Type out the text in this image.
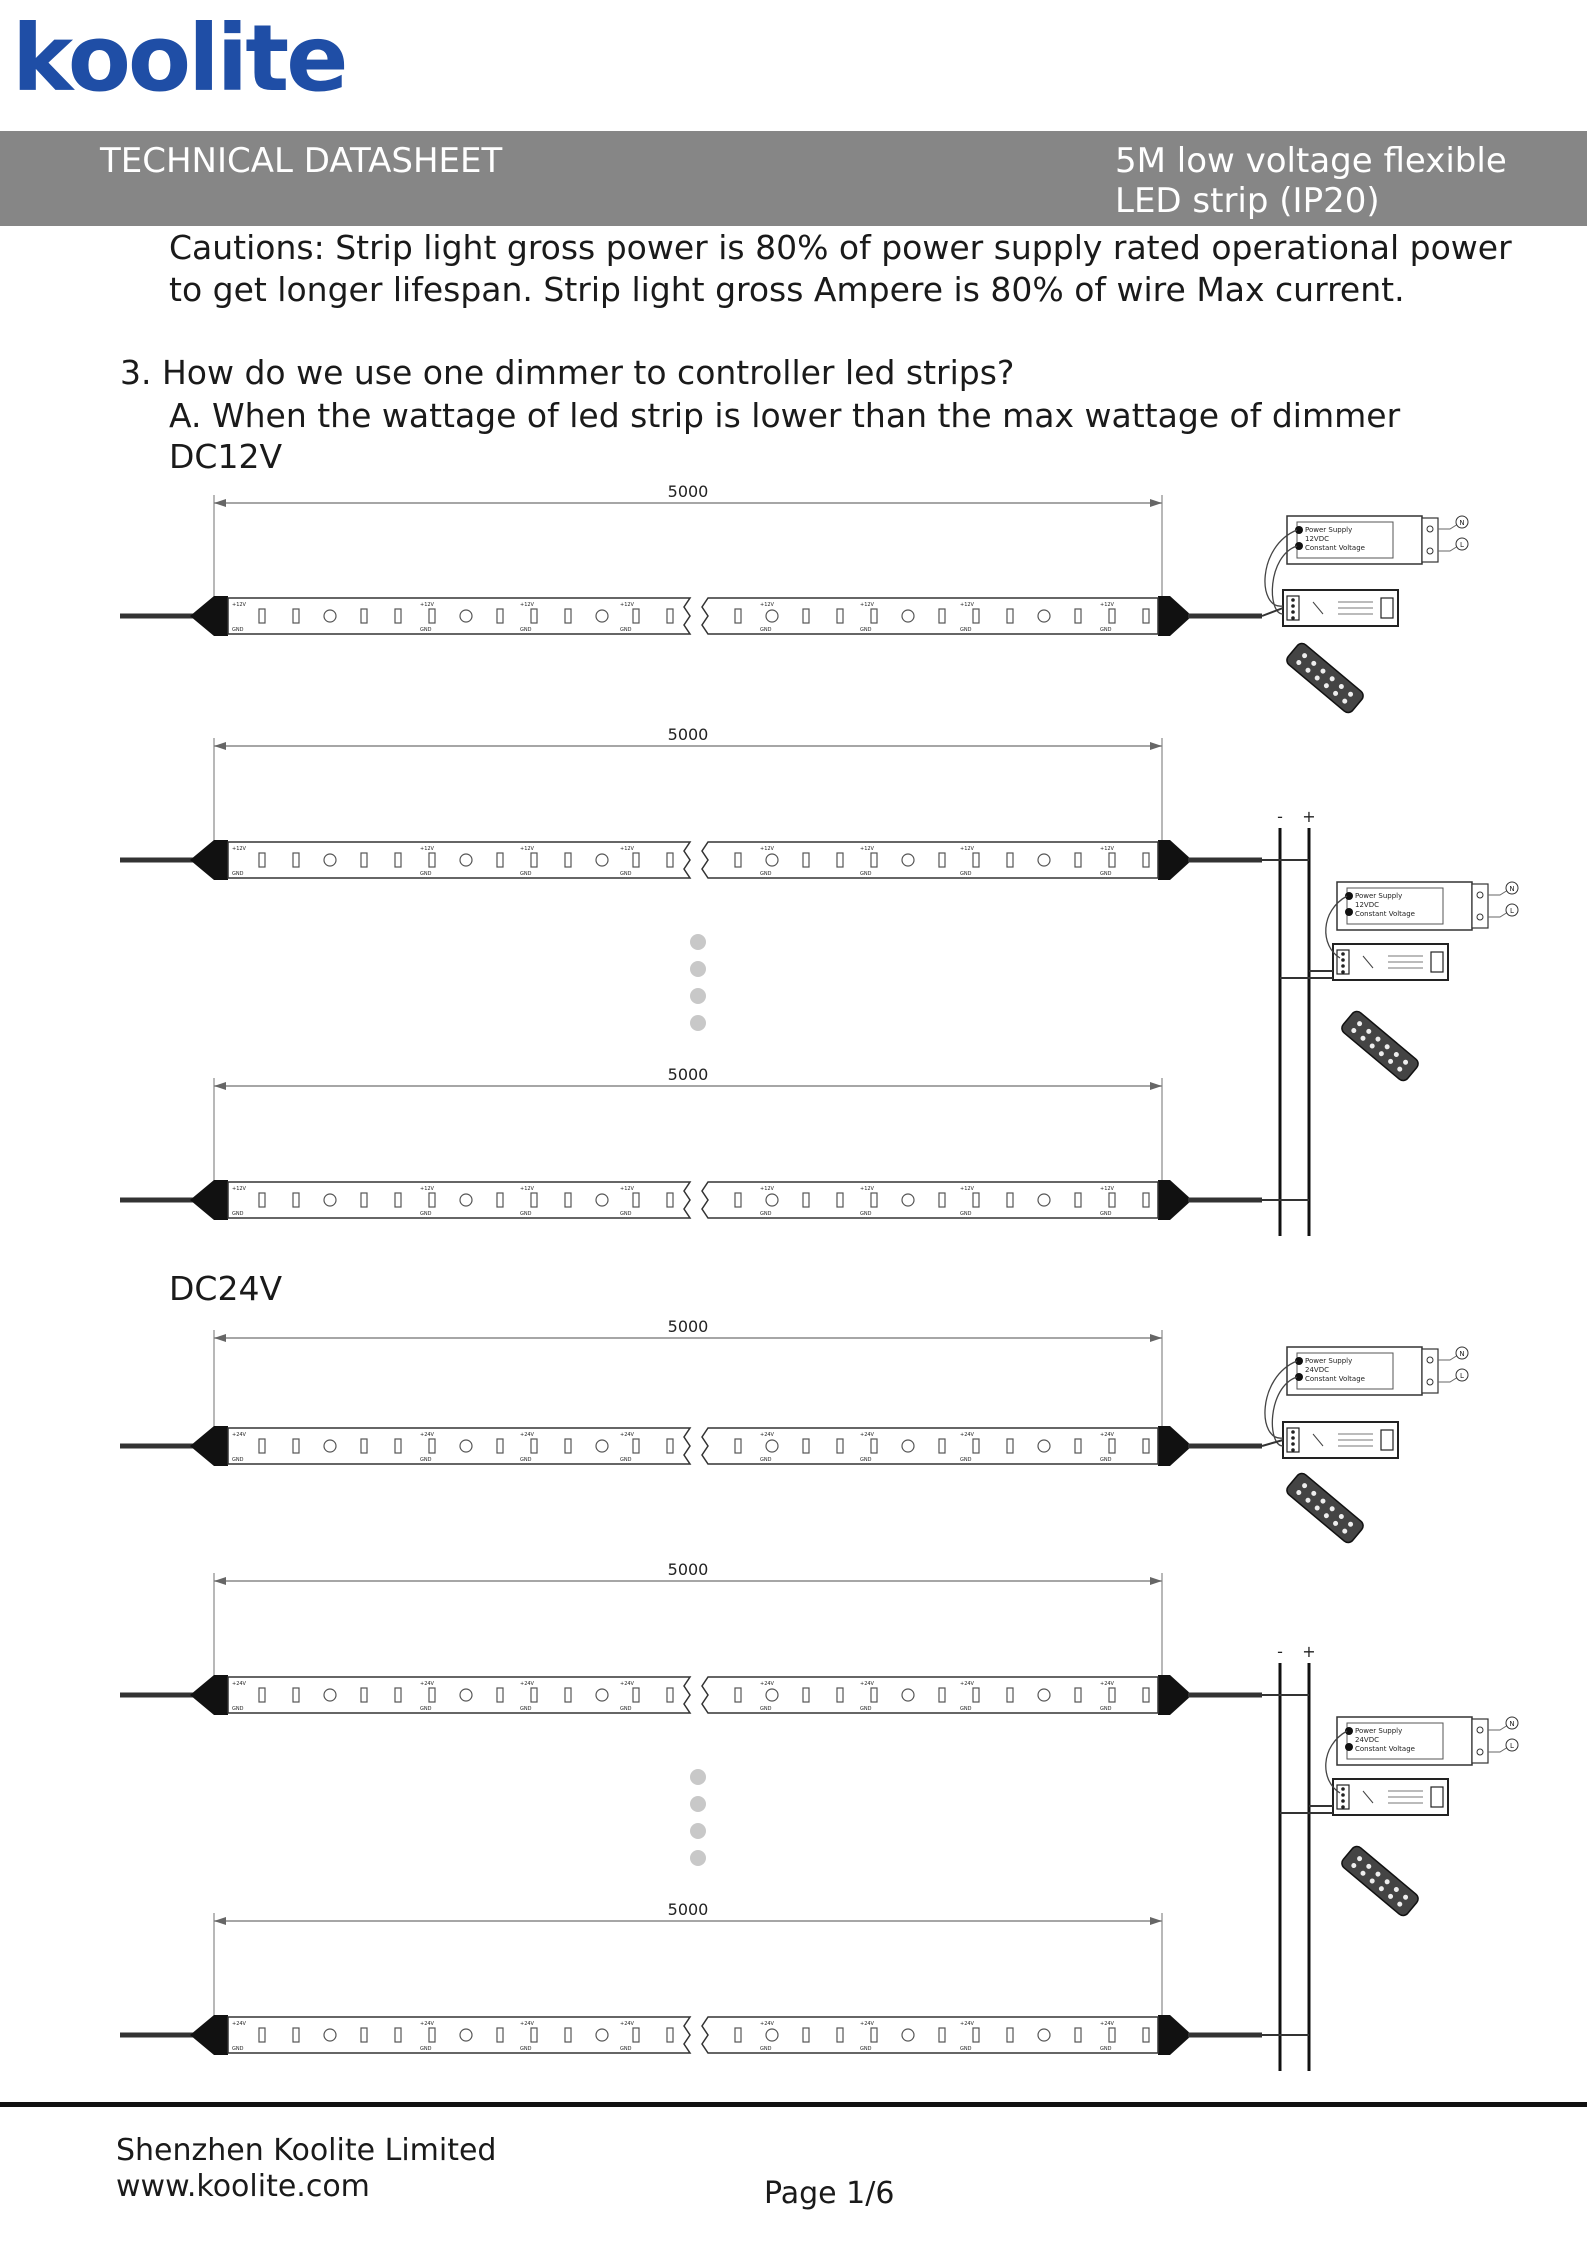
koolite
TECHNICAL DATASHEET	5M low voltage flexible
LED strip (IP20)
Cautions: Strip light gross power is 80% of power supply rated operational power
to get longer lifespan. Strip light gross Ampere is 80% of wire Max current.
3. How do we use one dimmer to controller led strips?
A. When the wattage of led strip is lower than the max wattage of dimmer
DC12V
DC24V
5000
+12V
GND
+12V
GND
+12V
GND
+12V
GND
+12V
GND
+12V
GND
+12V
GND
+12V
GND
Power Supply
12VDC
Constant Voltage
N
L
5000
+12V
GND
+12V
GND
+12V
GND
+12V
GND
+12V
GND
+12V
GND
+12V
GND
+12V
GND
5000
+12V
GND
+12V
GND
+12V
GND
+12V
GND
+12V
GND
+12V
GND
+12V
GND
+12V
GND
- +
Power Supply
12VDC
Constant Voltage
N
L
5000
+24V
GND
+24V
GND
+24V
GND
+24V
GND
+24V
GND
+24V
GND
+24V
GND
+24V
GND
Power Supply
24VDC
Constant Voltage
N
L
5000
+24V
GND
+24V
GND
+24V
GND
+24V
GND
+24V
GND
+24V
GND
+24V
GND
+24V
GND
5000
+24V
GND
+24V
GND
+24V
GND
+24V
GND
+24V
GND
+24V
GND
+24V
GND
+24V
GND
- +
Power Supply
24VDC
Constant Voltage
N
L
Shenzhen Koolite Limited
www.koolite.com	Page 1/6
